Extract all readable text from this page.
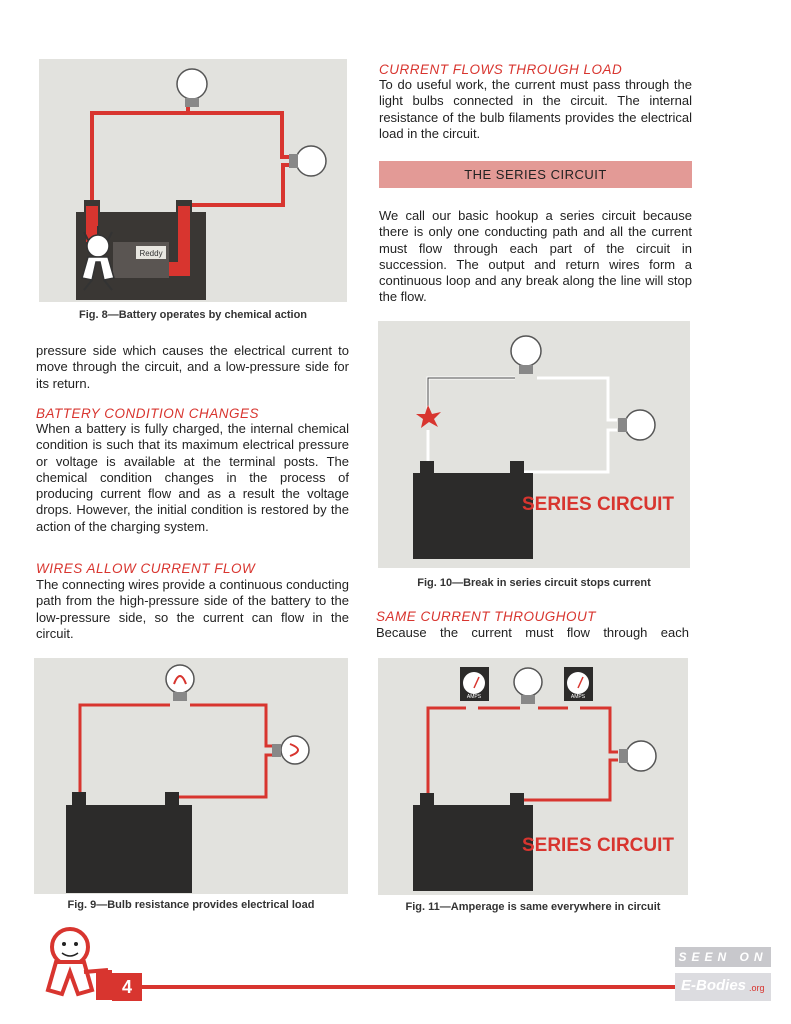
Reddy
Fig. 8—Battery operates by chemical action
pressure side which causes the electrical current to move through the circuit, and a low-pressure side for its return.
BATTERY CONDITION CHANGES
When a battery is fully charged, the internal chemical condition is such that its maximum electrical pressure or voltage is available at the terminal posts. The chemical condition changes in the process of producing current flow and as a result the voltage drops. However, the initial condition is restored by the action of the charging system.
WIRES ALLOW CURRENT FLOW
The connecting wires provide a continuous conducting path from the high-pressure side of the battery to the low-pressure side, so the current can flow in the circuit.
Fig. 9—Bulb resistance provides electrical load
CURRENT FLOWS THROUGH LOAD
To do useful work, the current must pass through the light bulbs connected in the circuit. The internal resistance of the bulb filaments provides the electrical load in the circuit.
THE SERIES CIRCUIT
We call our basic hookup a series circuit because there is only one conducting path and all the current must flow through each part of the circuit in succession. The output and return wires form a continuous loop and any break along the line will stop the flow.
SERIES CIRCUIT
Fig. 10—Break in series circuit stops current
SAME CURRENT THROUGHOUT
Because the current must flow through each
AMPS	AMPS
SERIES CIRCUIT
Fig. 11—Amperage is same everywhere in circuit
4
SEEN ON
E-Bodies .org
